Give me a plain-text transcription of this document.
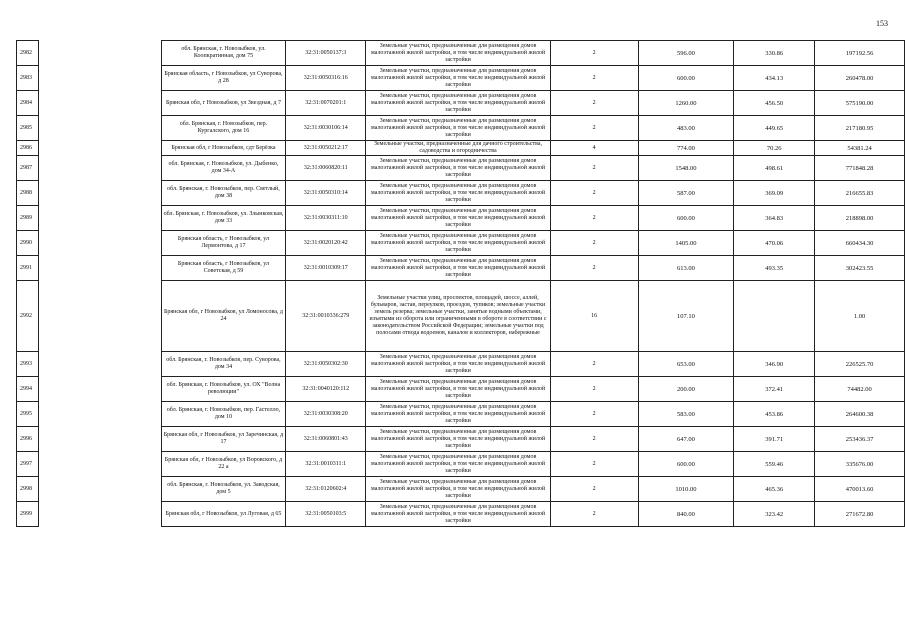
153
2982		обл. Брянская, г. Новозыбков, ул. Коопкратинная, дом 75	32:31:0050137:3	Земельные участки, предназначенные для размещения домов малоэтажной жилой застройки, в том числе индивидуальной жилой застройки	2	596.00	330.86	197192.56
2983		Брянская область, г Новозыбков, ул Суворова, д 28	32:31:0050316:16	Земельные участки, предназначенные для размещения домов малоэтажной жилой застройки, в том числе индивидуальной жилой застройки	2	600.00	434.13	260478.00
2984		Брянская обл, г Новозыбков, ул Звездная, д 7	32:31:0070201:1	Земельные участки, предназначенные для размещения домов малоэтажной жилой застройки, в том числе индивидуальной жилой застройки	2	1260.00	456.50	575190.00
2985		обл. Брянская, г. Новозыбков, пер. Кургалского, дом 16	32:31:0030106:14	Земельные участки, предназначенные для размещения домов малоэтажной жилой застройки, в том числе индивидуальной жилой застройки	2	483.00	449.65	217180.95
2986		Брянская обл, г Новозыбков, сдт Берёзка	32:31:0050212:17	Земельные участки, предназначенные для дачного строительства, садоводства и огородничества	4	774.00	70.26	54381.24
2987		обл. Брянская, г. Новозыбков, ул. Дыбенко, дом 34-А	32:31:0060820:11	Земельные участки, предназначенные для размещения домов малоэтажной жилой застройки, в том числе индивидуальной жилой застройки	2	1548.00	498.61	771848.28
2988		обл. Брянская, г. Новозыбков, пер. Светлый, дом 38	32:31:0050310:14	Земельные участки, предназначенные для размещения домов малоэтажной жилой застройки, в том числе индивидуальной жилой застройки	2	587.00	369.09	216655.83
2989		обл. Брянская, г. Новозыбков, ул. Злынковская, дом 33	32:31:0030311:10	Земельные участки, предназначенные для размещения домов малоэтажной жилой застройки, в том числе индивидуальной жилой застройки	2	600.00	364.83	218898.00
2990		Брянская область, г Новозыбков, ул Лермонтова, д 17	32:31:0020120:42	Земельные участки, предназначенные для размещения домов малоэтажной жилой застройки, в том числе индивидуальной жилой застройки	2	1405.00	470.06	660434.30
2991		Брянская область, г Новозыбков, ул Советская, д 59	32:31:0010309:17	Земельные участки, предназначенные для размещения домов малоэтажной жилой застройки, в том числе индивидуальной жилой застройки	2	613.00	493.35	302423.55
2992		Брянская обл, г Новозыбков, ул Ломоносова, д 24	32:31:0010336:279	Земельные участки улиц, проспектов, площадей, шоссе, аллей, бульваров, застав, переулков, проездов, тупиков; земельные участки земель резерва; земельные участки, занятые водными объектами, изъятыми из оборота или ограниченными в обороте в соответствии с законодательством Российской Федерации; земельные участки под полосами отвода водоемов, каналов и коллекторов, набережные	16	107.10		1.00
2993		обл. Брянская, г. Новозыбков, пер. Суворова, дом 34	32:31:0050302:30	Земельные участки, предназначенные для размещения домов малоэтажной жилой застройки, в том числе индивидуальной жилой застройки	2	653.00	346.90	226525.70
2994		обл. Брянская, г. Новозыбков, ул. ОХ "Волна революции"	32:31:0040120:112	Земельные участки, предназначенные для размещения домов малоэтажной жилой застройки, в том числе индивидуальной жилой застройки	2	200.00	372.41	74482.00
2995		обл. Брянская, г. Новозыбков, пер. Гастелло, дом 10	32:31:0030308:20	Земельные участки, предназначенные для размещения домов малоэтажной жилой застройки, в том числе индивидуальной жилой застройки	2	583.00	453.86	264600.38
2996		Брянская обл, г Новозыбков, ул Заречинская, д 17	32:31:0060801:43	Земельные участки, предназначенные для размещения домов малоэтажной жилой застройки, в том числе индивидуальной жилой застройки	2	647.00	391.71	253436.37
2997		Брянская обл, г Новозыбков, ул Воровского, д 22 а	32:31:0010311:1	Земельные участки, предназначенные для размещения домов малоэтажной жилой застройки, в том числе индивидуальной жилой застройки	2	600.00	559.46	335676.00
2998		обл. Брянская, г. Новозыбков, ул. Заводская, дом 5	32:31:0120602:4	Земельные участки, предназначенные для размещения домов малоэтажной жилой застройки, в том числе индивидуальной жилой застройки	2	1010.00	465.36	470013.60
2999		Брянская обл, г Новозыбков, ул Луговая, д 65	32:31:0050103:5	Земельные участки, предназначенные для размещения домов малоэтажной жилой застройки, в том числе индивидуальной жилой застройки	2	840.00	323.42	271672.80
